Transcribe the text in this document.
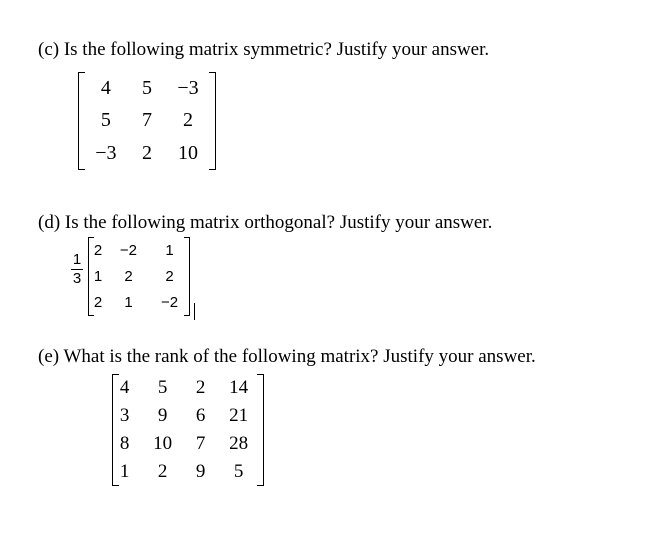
(c) Is the following matrix symmetric? Justify your answer.
4	5	−3
5	7	2
−3	2	10
(d) Is the following matrix orthogonal? Justify your answer.
1
3
2	−2	1
1	2	2
2	1	−2
(e) What is the rank of the following matrix? Justify your answer.
4	5	2	14
3	9	6	21
8	10	7	28
1	2	9	5
